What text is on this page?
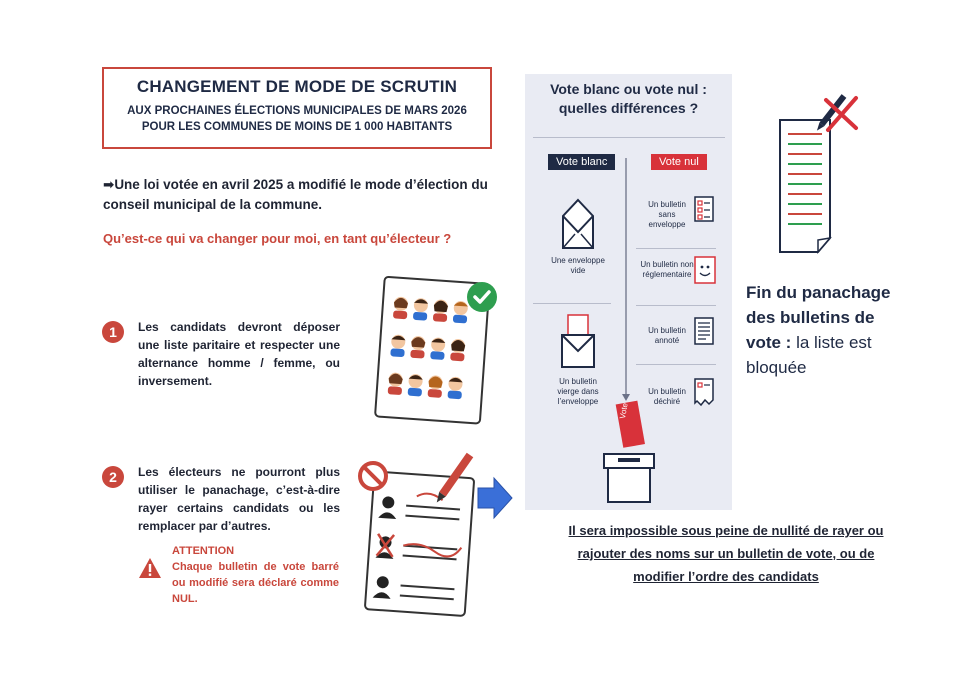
CHANGEMENT DE MODE DE SCRUTIN
AUX PROCHAINES ÉLECTIONS MUNICIPALES DE MARS 2026
POUR LES COMMUNES DE MOINS DE 1 000 HABITANTS
➡Une loi votée en avril 2025 a modifié le mode d’élection du conseil municipal de la commune.
Qu’est-ce qui va changer pour moi, en tant qu’électeur ?
1	Les candidats devront déposer une liste paritaire et respecter une alternance homme / femme, ou inversement.
2	Les électeurs ne pourront plus utiliser le panachage, c’est-à-dire rayer certains candidats ou les remplacer par d’autres.
ATTENTION
Chaque bulletin de vote barré ou modifié sera déclaré comme NUL.
Vote blanc ou vote nul :
quelles différences ?
Vote blanc	Vote nul
Une enveloppe vide
Un bulletin vierge dans l’enveloppe
Un bulletin sans enveloppe
Un bulletin non réglementaire
Un bulletin annoté
Un bulletin déchiré
Vote
Fin du panachage des bulletins de vote : la liste est bloquée
Il sera impossible sous peine de nullité de rayer ou rajouter des noms sur un bulletin de vote, ou de modifier l’ordre des candidats
